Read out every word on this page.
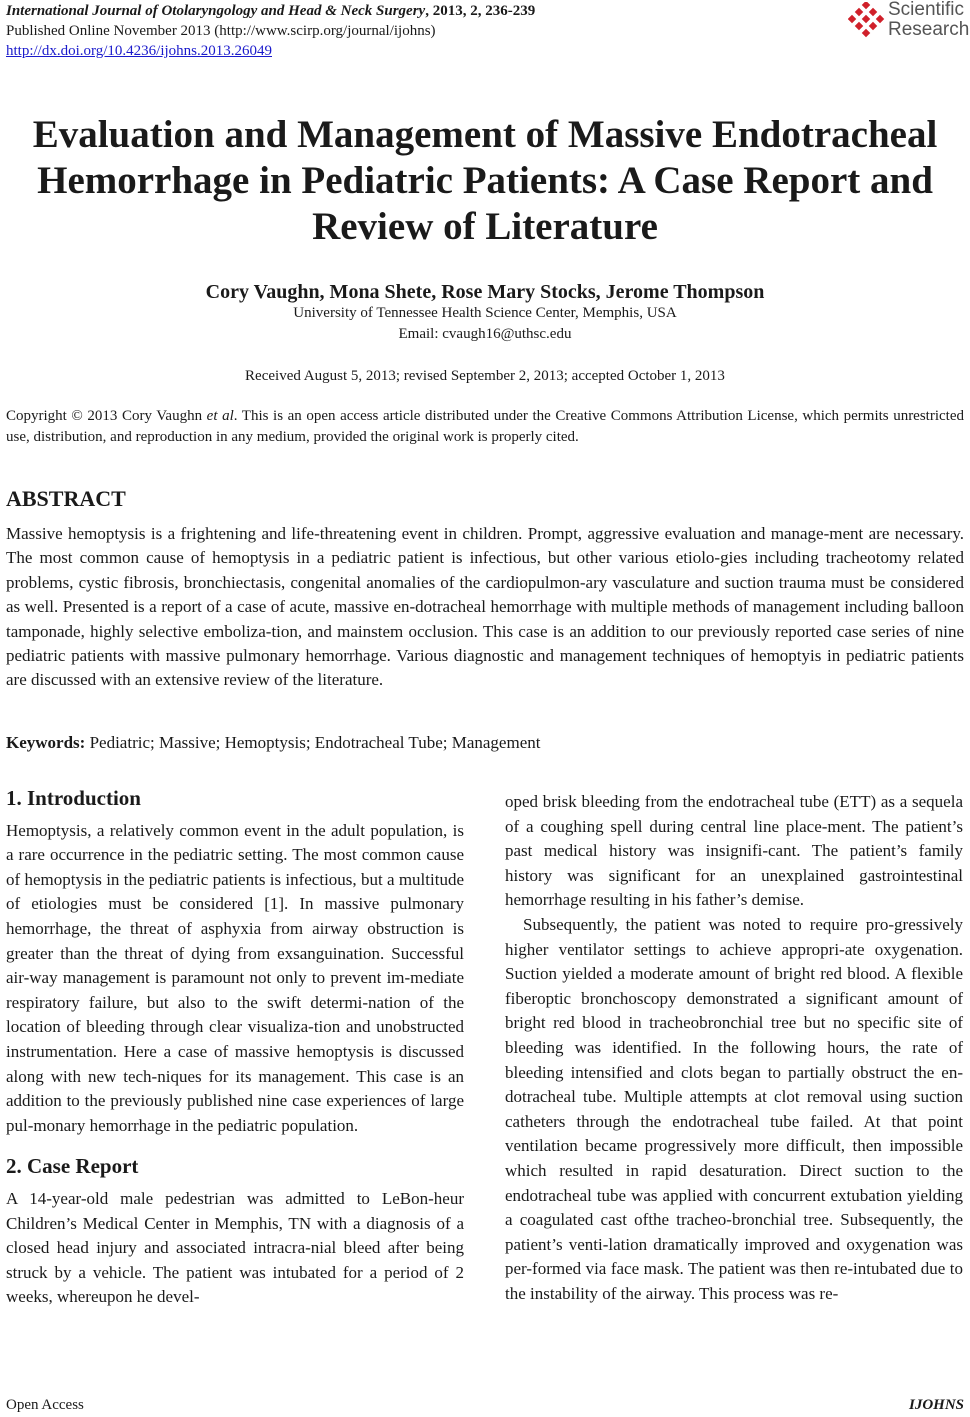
International Journal of Otolaryngology and Head & Neck Surgery, 2013, 2, 236-239
Published Online November 2013 (http://www.scirp.org/journal/ijohns)
http://dx.doi.org/10.4236/ijohns.2013.26049
Scientific
Research
Evaluation and Management of Massive Endotracheal
Hemorrhage in Pediatric Patients: A Case Report and
Review of Literature
Cory Vaughn, Mona Shete, Rose Mary Stocks, Jerome Thompson
University of Tennessee Health Science Center, Memphis, USA
Email: cvaugh16@uthsc.edu
Received August 5, 2013; revised September 2, 2013; accepted October 1, 2013
Copyright © 2013 Cory Vaughn et al. This is an open access article distributed under the Creative Commons Attribution License, which permits unrestricted use, distribution, and reproduction in any medium, provided the original work is properly cited.
ABSTRACT
Massive hemoptysis is a frightening and life-threatening event in children. Prompt, aggressive evaluation and manage-ment are necessary. The most common cause of hemoptysis in a pediatric patient is infectious, but other various etiolo-gies including tracheotomy related problems, cystic fibrosis, bronchiectasis, congenital anomalies of the cardiopulmon-ary vasculature and suction trauma must be considered as well. Presented is a report of a case of acute, massive en-dotracheal hemorrhage with multiple methods of management including balloon tamponade, highly selective emboliza-tion, and mainstem occlusion. This case is an addition to our previously reported case series of nine pediatric patients with massive pulmonary hemorrhage. Various diagnostic and management techniques of hemoptyis in pediatric patients are discussed with an extensive review of the literature.
Keywords: Pediatric; Massive; Hemoptysis; Endotracheal Tube; Management
1. Introduction

Hemoptysis, a relatively common event in the adult population, is a rare occurrence in the pediatric setting. The most common cause of hemoptysis in the pediatric patients is infectious, but a multitude of etiologies must be considered [1]. In massive pulmonary hemorrhage, the threat of asphyxia from airway obstruction is greater than the threat of dying from exsanguination. Successful air-way management is paramount not only to prevent im-mediate respiratory failure, but also to the swift determi-nation of the location of bleeding through clear visualiza-tion and unobstructed instrumentation. Here a case of massive hemoptysis is discussed along with new tech-niques for its management. This case is an addition to the previously published nine case experiences of large pul-monary hemorrhage in the pediatric population.

2. Case Report

A 14-year-old male pedestrian was admitted to LeBon-heur Children’s Medical Center in Memphis, TN with a diagnosis of a closed head injury and associated intracra-nial bleed after being struck by a vehicle. The patient was intubated for a period of 2 weeks, whereupon he devel-

oped brisk bleeding from the endotracheal tube (ETT) as a sequela of a coughing spell during central line place-ment. The patient’s past medical history was insignifi-cant. The patient’s family history was significant for an unexplained gastrointestinal hemorrhage resulting in his father’s demise.

Subsequently, the patient was noted to require pro-gressively higher ventilator settings to achieve appropri-ate oxygenation. Suction yielded a moderate amount of bright red blood. A flexible fiberoptic bronchoscopy demonstrated a significant amount of bright red blood in tracheobronchial tree but no specific site of bleeding was identified. In the following hours, the rate of bleeding intensified and clots began to partially obstruct the en-dotracheal tube. Multiple attempts at clot removal using suction catheters through the endotracheal tube failed. At that point ventilation became progressively more difficult, then impossible which resulted in rapid desaturation. Direct suction to the endotracheal tube was applied with concurrent extubation yielding a coagulated cast ofthe tracheo-bronchial tree. Subsequently, the patient’s venti-lation dramatically improved and oxygenation was per-formed via face mask. The patient was then re-intubated due to the instability of the airway. This process was re-

Open Access	IJOHNS
